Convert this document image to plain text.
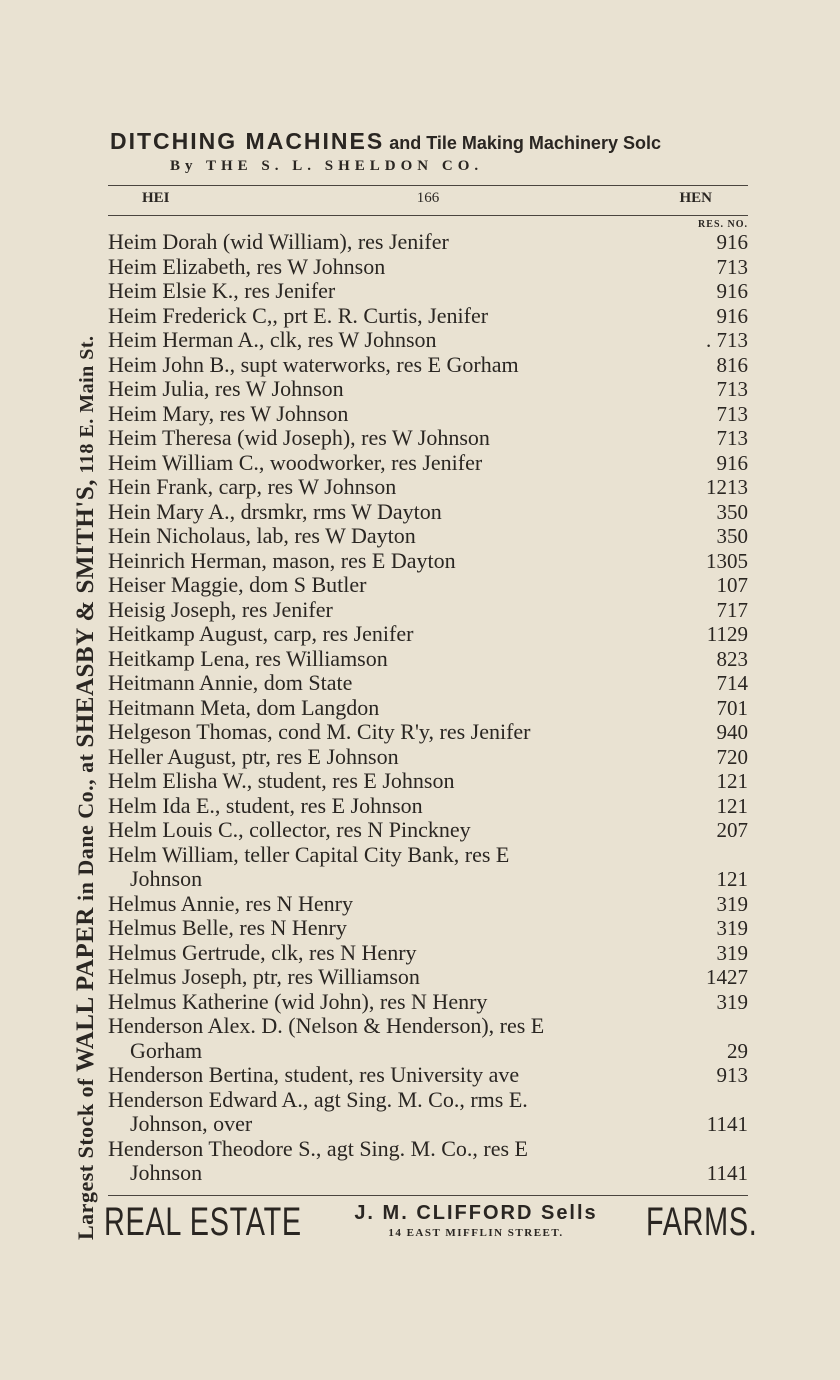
Largest Stock of WALL PAPER in Dane Co., at SHEASBY & SMITH'S, 118 E. Main St.
DITCHING MACHINES and Tile Making Machinery Solc
By THE S. L. SHELDON CO.
HEI	166	HEN
RES. NO.
Heim Dorah (wid William), res Jenifer	916
Heim Elizabeth, res W Johnson	713
Heim Elsie K., res Jenifer	916
Heim Frederick C,, prt E. R. Curtis, Jenifer	916
Heim Herman A., clk, res W Johnson	. 713
Heim John B., supt waterworks, res E Gorham	816
Heim Julia, res W Johnson	713
Heim Mary, res W Johnson	713
Heim Theresa (wid Joseph), res W Johnson	713
Heim William C., woodworker, res Jenifer	916
Hein Frank, carp, res W Johnson	1213
Hein Mary A., drsmkr, rms W Dayton	350
Hein Nicholaus, lab, res W Dayton	350
Heinrich Herman, mason, res E Dayton	1305
Heiser Maggie, dom S Butler	107
Heisig Joseph, res Jenifer	717
Heitkamp August, carp, res Jenifer	1129
Heitkamp Lena, res Williamson	823
Heitmann Annie, dom State	714
Heitmann Meta, dom Langdon	701
Helgeson Thomas, cond M. City R'y, res Jenifer	940
Heller August, ptr, res E Johnson	720
Helm Elisha W., student, res E Johnson	121
Helm Ida E., student, res E Johnson	121
Helm Louis C., collector, res N Pinckney	207
Helm William, teller Capital City Bank, res E
Johnson	121
Helmus Annie, res N Henry	319
Helmus Belle, res N Henry	319
Helmus Gertrude, clk, res N Henry	319
Helmus Joseph, ptr, res Williamson	1427
Helmus Katherine (wid John), res N Henry	319
Henderson Alex. D. (Nelson & Henderson), res E
Gorham	29
Henderson Bertina, student, res University ave	913
Henderson Edward A., agt Sing. M. Co., rms E.
Johnson, over	1141
Henderson Theodore S., agt Sing. M. Co., res E
Johnson	1141
REAL ESTATE	J. M. CLIFFORD Sells
14 EAST MIFFLIN STREET.	FARMS.
